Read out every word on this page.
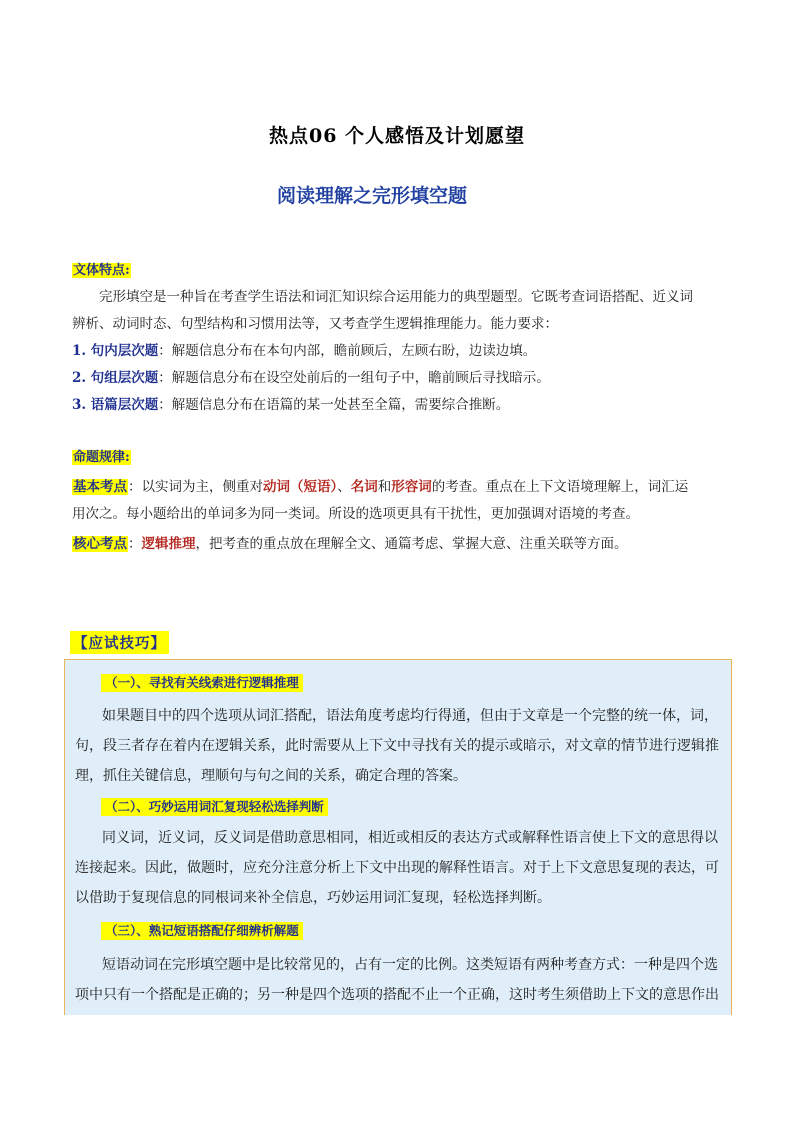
热点06 个人感悟及计划愿望
阅读理解之完形填空题
文体特点:
完形填空是一种旨在考查学生语法和词汇知识综合运用能力的典型题型。它既考查词语搭配、近义词
辨析、动词时态、句型结构和习惯用法等，又考查学生逻辑推理能力。能力要求：
1. 句内层次题：解题信息分布在本句内部，瞻前顾后，左顾右盼，边读边填。
2. 句组层次题：解题信息分布在设空处前后的一组句子中，瞻前顾后寻找暗示。
3. 语篇层次题：解题信息分布在语篇的某一处甚至全篇，需要综合推断。
命题规律:
基本考点：以实词为主，侧重对动词（短语）、名词和形容词的考查。重点在上下文语境理解上，词汇运
用次之。每小题给出的单词多为同一类词。所设的选项更具有干扰性，更加强调对语境的考查。
核心考点：逻辑推理，把考查的重点放在理解全文、通篇考虑、掌握大意、注重关联等方面。
【应试技巧】
（一）、寻找有关线索进行逻辑推理
如果题目中的四个选项从词汇搭配，语法角度考虑均行得通，但由于文章是一个完整的统一体，词，
句，段三者存在着内在逻辑关系，此时需要从上下文中寻找有关的提示或暗示，对文章的情节进行逻辑推
理，抓住关键信息，理顺句与句之间的关系，确定合理的答案。
（二）、巧妙运用词汇复现轻松选择判断
同义词，近义词，反义词是借助意思相同，相近或相反的表达方式或解释性语言使上下文的意思得以
连接起来。因此，做题时，应充分注意分析上下文中出现的解释性语言。对于上下文意思复现的表达，可
以借助于复现信息的同根词来补全信息，巧妙运用词汇复现，轻松选择判断。
（三）、熟记短语搭配仔细辨析解题
短语动词在完形填空题中是比较常见的，占有一定的比例。这类短语有两种考查方式：一种是四个选
项中只有一个搭配是正确的；另一种是四个选项的搭配不止一个正确，这时考生须借助上下文的意思作出
